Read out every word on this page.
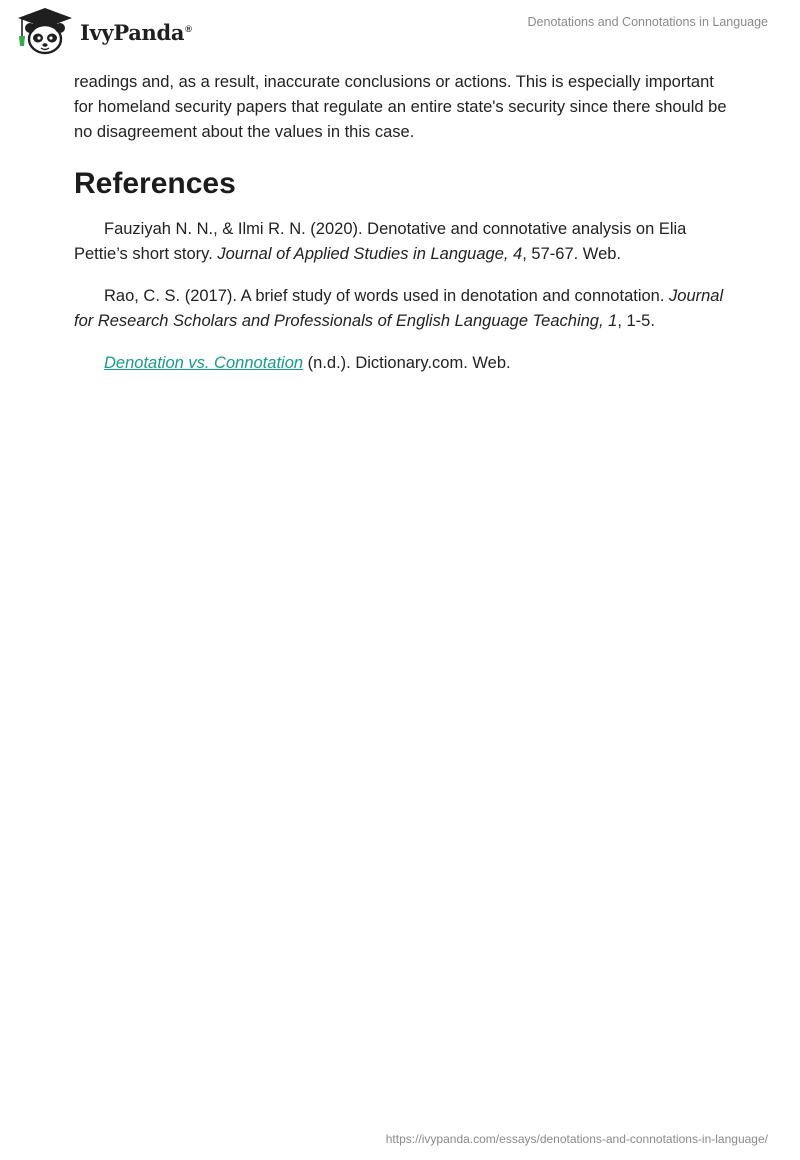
IvyPanda®	Denotations and Connotations in Language

readings and, as a result, inaccurate conclusions or actions. This is especially important for homeland security papers that regulate an entire state's security since there should be no disagreement about the values in this case.

References

Fauziyah N. N., & Ilmi R. N. (2020). Denotative and connotative analysis on Elia Pettie’s short story. Journal of Applied Studies in Language, 4, 57-67. Web.

Rao, C. S. (2017). A brief study of words used in denotation and connotation. Journal for Research Scholars and Professionals of English Language Teaching, 1, 1-5.

Denotation vs. Connotation (n.d.). Dictionary.com. Web.

https://ivypanda.com/essays/denotations-and-connotations-in-language/
